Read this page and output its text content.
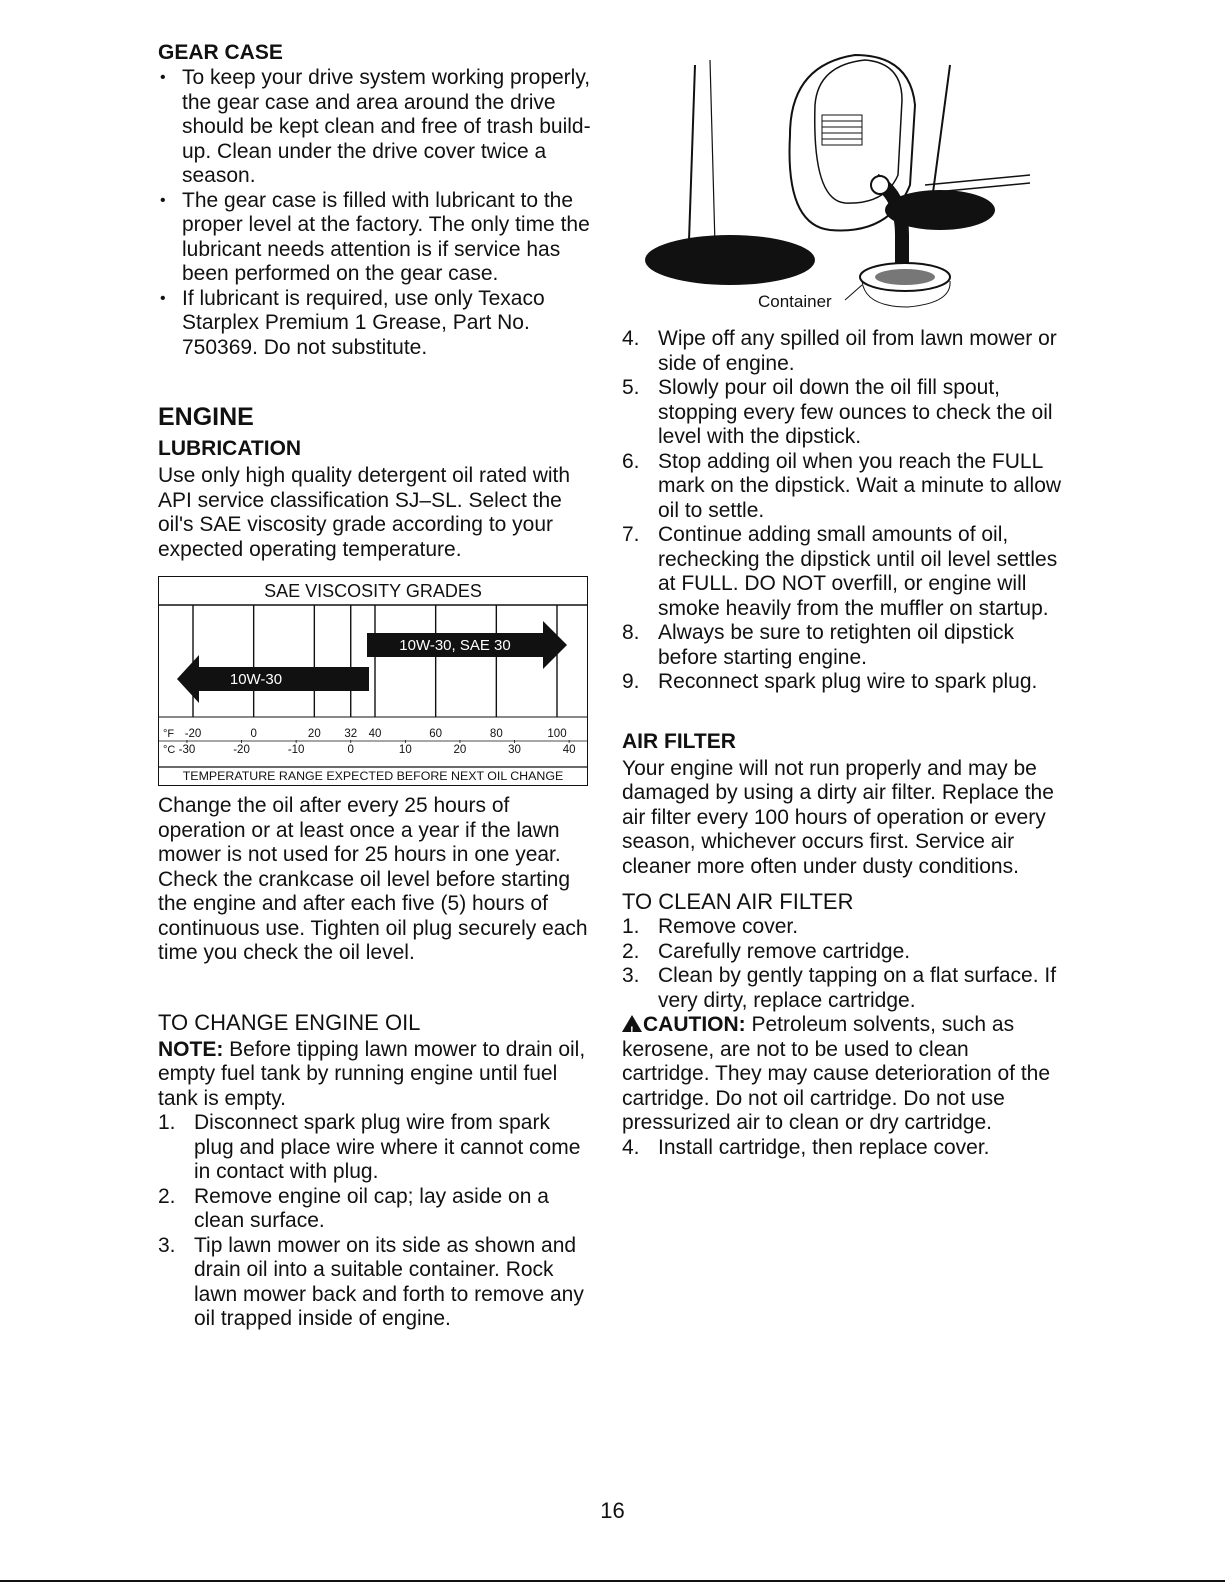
GEAR CASE
• To keep your drive system working properly, the gear case and area around the drive should be kept clean and free of trash build-up. Clean under the drive cover twice a season.
• The gear case is filled with lubricant to the proper level at the factory. The only time the lubricant needs attention is if service has been performed on the gear case.
• If lubricant is required, use only Texaco Starplex Premium 1 Grease, Part No. 750369. Do not substitute.
ENGINE
LUBRICATION
Use only high quality detergent oil rated with API service classification SJ–SL. Select the oil's SAE viscosity grade according to your expected operating temperature.
SAE VISCOSITY GRADES
10W-30, SAE 30
10W-30
°F
°C
-20	0	20 32 40	60	80	100
-30	-20	-10	0	10	20	30	40
TEMPERATURE RANGE EXPECTED BEFORE NEXT OIL CHANGE
Change the oil after every 25 hours of operation or at least once a year if the lawn mower is not used for 25 hours in one year.
Check the crankcase oil level before starting the engine and after each five (5) hours of continuous use. Tighten oil plug securely each time you check the oil level.
TO CHANGE ENGINE OIL
NOTE: Before tipping lawn mower to drain oil, empty fuel tank by running engine until fuel tank is empty.
1. Disconnect spark plug wire from spark plug and place wire where it cannot come in contact with plug.
2. Remove engine oil cap; lay aside on a clean surface.
3. Tip lawn mower on its side as shown and drain oil into a suitable container. Rock lawn mower back and forth to remove any oil trapped inside of engine.
Container
4. Wipe off any spilled oil from lawn mower or side of engine.
5. Slowly pour oil down the oil fill spout, stopping every few ounces to check the oil level with the dipstick.
6. Stop adding oil when you reach the FULL mark on the dipstick. Wait a minute to allow oil to settle.
7. Continue adding small amounts of oil, rechecking the dipstick until oil level settles at FULL. DO NOT overfill, or engine will smoke heavily from the muffler on startup.
8. Always be sure to retighten oil dipstick before starting engine.
9. Reconnect spark plug wire to spark plug.
AIR FILTER
Your engine will not run properly and may be damaged by using a dirty air filter. Replace the air filter every 100 hours of operation or every season, whichever occurs first. Service air cleaner more often under dusty conditions.
TO CLEAN AIR FILTER
1. Remove cover.
2. Carefully remove cartridge.
3. Clean by gently tapping on a flat surface. If very dirty, replace cartridge.
! CAUTION: Petroleum solvents, such as kerosene, are not to be used to clean cartridge. They may cause deterioration of the cartridge. Do not oil cartridge. Do not use pressurized air to clean or dry cartridge.
4. Install cartridge, then replace cover.
16
